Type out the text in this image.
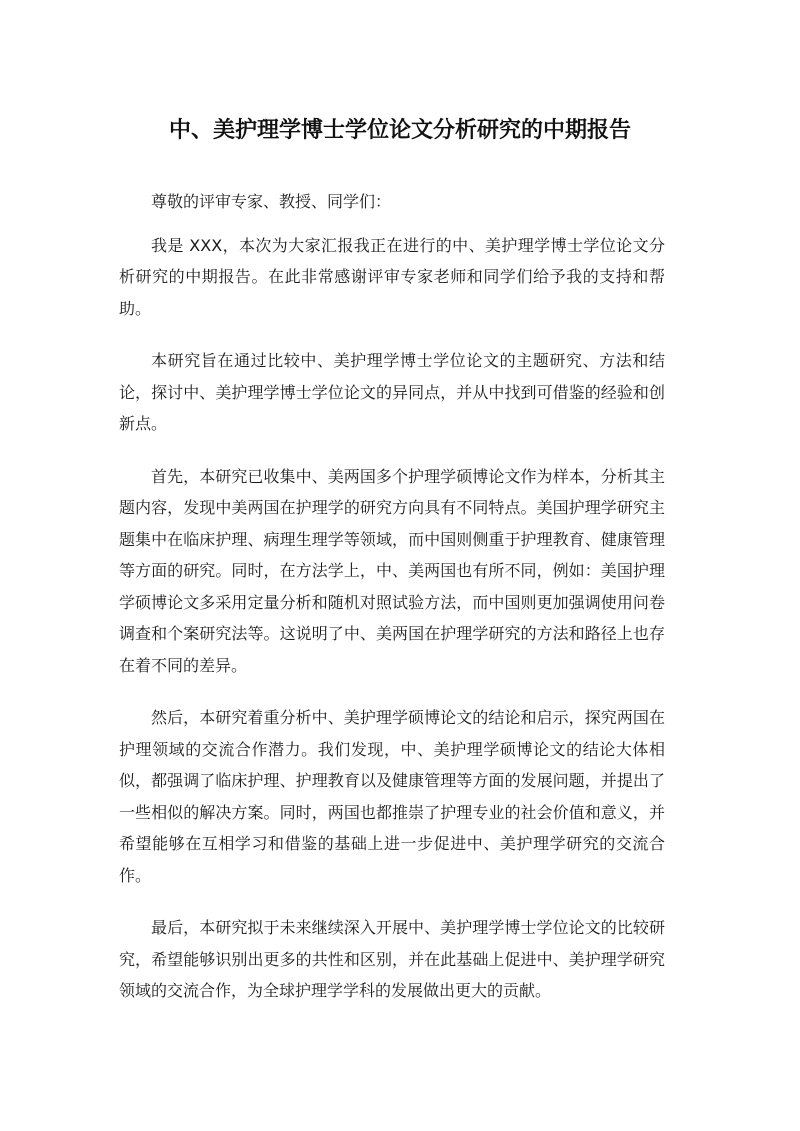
中、美护理学博士学位论文分析研究的中期报告

尊敬的评审专家、教授、同学们：

我是 XXX，本次为大家汇报我正在进行的中、美护理学博士学位论文分析研究的中期报告。在此非常感谢评审专家老师和同学们给予我的支持和帮助。

本研究旨在通过比较中、美护理学博士学位论文的主题研究、方法和结论，探讨中、美护理学博士学位论文的异同点，并从中找到可借鉴的经验和创新点。

首先，本研究已收集中、美两国多个护理学硕博论文作为样本，分析其主题内容，发现中美两国在护理学的研究方向具有不同特点。美国护理学研究主题集中在临床护理、病理生理学等领域，而中国则侧重于护理教育、健康管理等方面的研究。同时，在方法学上，中、美两国也有所不同，例如：美国护理学硕博论文多采用定量分析和随机对照试验方法，而中国则更加强调使用问卷调查和个案研究法等。这说明了中、美两国在护理学研究的方法和路径上也存在着不同的差异。

然后，本研究着重分析中、美护理学硕博论文的结论和启示，探究两国在护理领域的交流合作潜力。我们发现，中、美护理学硕博论文的结论大体相似，都强调了临床护理、护理教育以及健康管理等方面的发展问题，并提出了一些相似的解决方案。同时，两国也都推崇了护理专业的社会价值和意义，并希望能够在互相学习和借鉴的基础上进一步促进中、美护理学研究的交流合作。

最后，本研究拟于未来继续深入开展中、美护理学博士学位论文的比较研究，希望能够识别出更多的共性和区别，并在此基础上促进中、美护理学研究领域的交流合作，为全球护理学学科的发展做出更大的贡献。
